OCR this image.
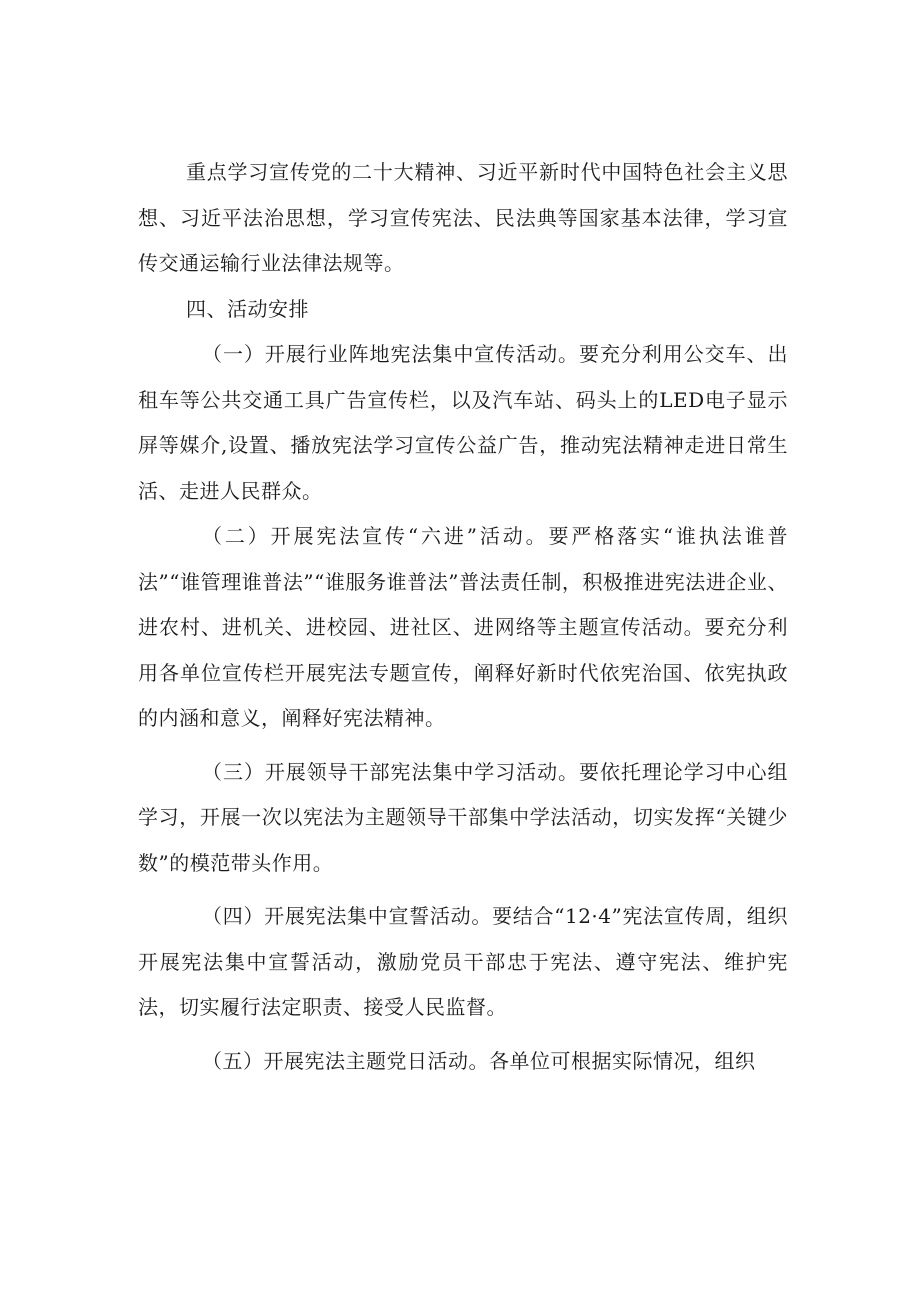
重点学习宣传党的二十大精神、习近平新时代中国特色社会主义思想、习近平法治思想，学习宣传宪法、民法典等国家基本法律，学习宣传交通运输行业法律法规等。

四、活动安排

（一）开展行业阵地宪法集中宣传活动。要充分利用公交车、出租车等公共交通工具广告宣传栏，以及汽车站、码头上的LED电子显示屏等媒介,设置、播放宪法学习宣传公益广告，推动宪法精神走进日常生活、走进人民群众。

（二）开展宪法宣传“六进”活动。要严格落实“谁执法谁普法”“谁管理谁普法”“谁服务谁普法”普法责任制，积极推进宪法进企业、进农村、进机关、进校园、进社区、进网络等主题宣传活动。要充分利用各单位宣传栏开展宪法专题宣传，阐释好新时代依宪治国、依宪执政的内涵和意义，阐释好宪法精神。

（三）开展领导干部宪法集中学习活动。要依托理论学习中心组学习，开展一次以宪法为主题领导干部集中学法活动，切实发挥“关键少数”的模范带头作用。

（四）开展宪法集中宣誓活动。要结合“12·4”宪法宣传周，组织开展宪法集中宣誓活动，激励党员干部忠于宪法、遵守宪法、维护宪法，切实履行法定职责、接受人民监督。

（五）开展宪法主题党日活动。各单位可根据实际情况，组织
